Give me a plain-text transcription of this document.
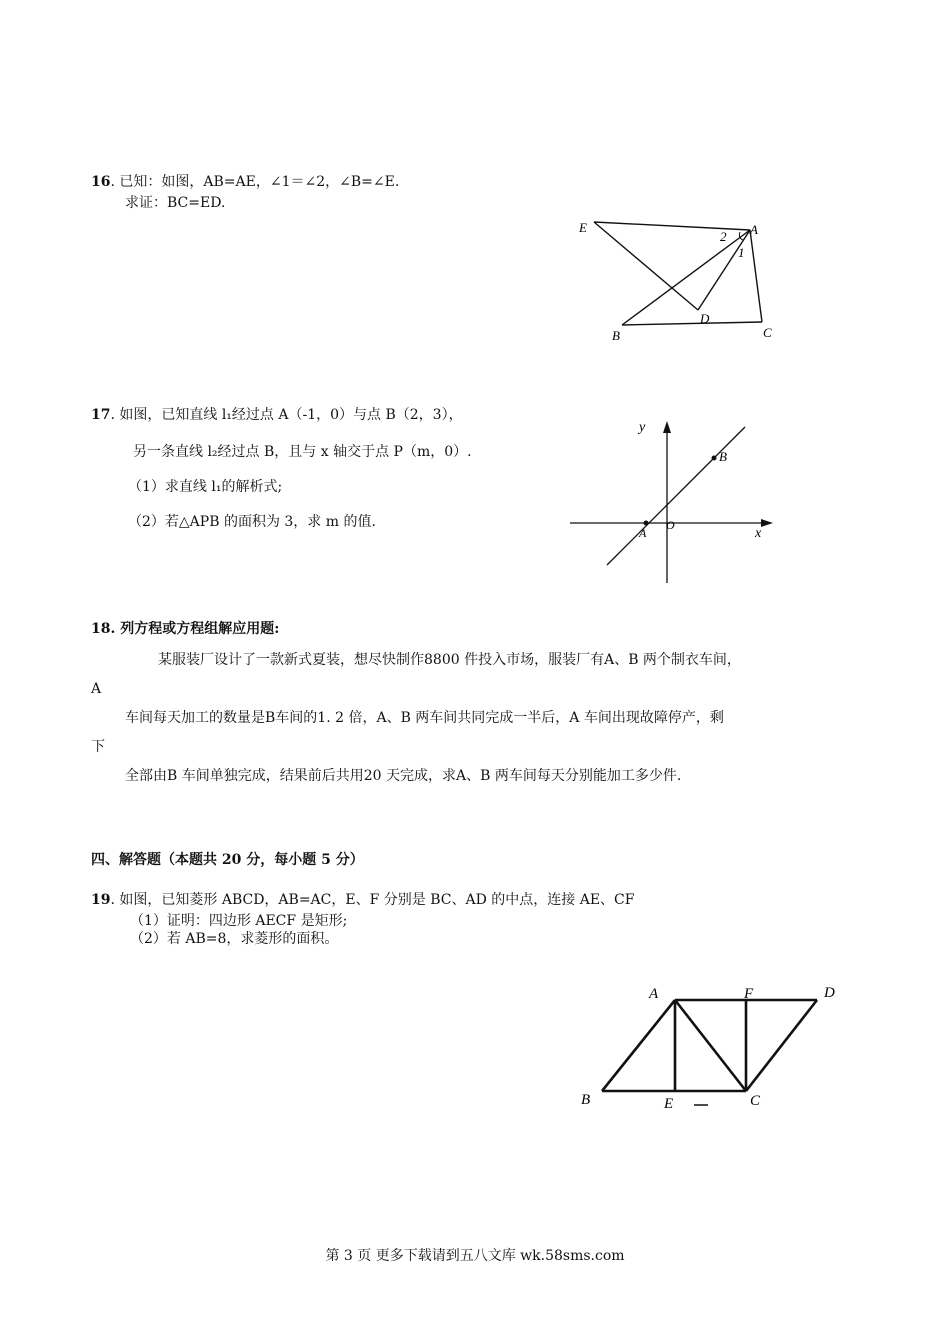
16. 已知：如图，AB=AE，∠1＝∠2，∠B=∠E.
求证：BC=ED.
E	A
2
1
D
B	C
17. 如图，已知直线 l₁经过点 A（-1，0）与点 B（2，3），
另一条直线 l₂经过点 B，且与 x 轴交于点 P（m，0）.
（1）求直线 l₁的解析式;
（2）若△APB 的面积为 3，求 m 的值.
y
B
A
O
x
18. 列方程或方程组解应用题:
某服装厂设计了一款新式夏装，想尽快制作8800 件投入市场，服装厂有A、B 两个制衣车间，
A
车间每天加工的数量是B车间的1. 2 倍，A、B 两车间共同完成一半后，A 车间出现故障停产，剩
下
全部由B 车间单独完成，结果前后共用20 天完成，求A、B 两车间每天分别能加工多少件.
四、解答题（本题共 20 分，每小题 5 分）
19. 如图，已知菱形 ABCD，AB=AC，E、F 分别是 BC、AD 的中点，连接 AE、CF
（1）证明：四边形 AECF 是矩形;
（2）若 AB=8，求菱形的面积。
A	F	D
B	E	C
第 3 页 更多下载请到五八文库 wk.58sms.com
